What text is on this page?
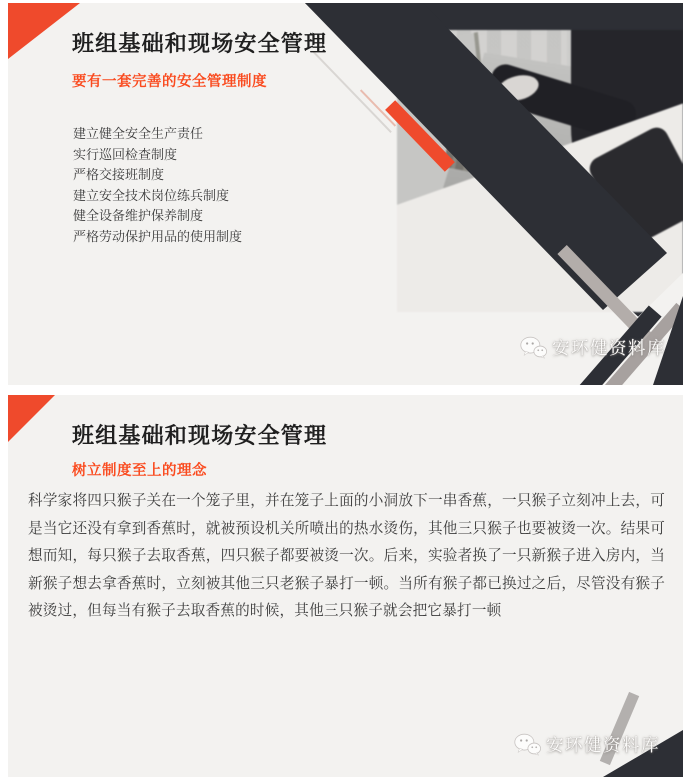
班组基础和现场安全管理
要有一套完善的安全管理制度
建立健全安全生产责任
实行巡回检查制度
严格交接班制度
建立安全技术岗位练兵制度
健全设备维护保养制度
严格劳动保护用品的使用制度
安环健资料库
班组基础和现场安全管理
树立制度至上的理念

科学家将四只猴子关在一个笼子里，并在笼子上面的小洞放下一串香蕉，一只猴子立刻冲上去，可是当它还没有拿到香蕉时，就被预设机关所喷出的热水烫伤，其他三只猴子也要被烫一次。结果可想而知，每只猴子去取香蕉，四只猴子都要被烫一次。后来，实验者换了一只新猴子进入房内，当新猴子想去拿香蕉时，立刻被其他三只老猴子暴打一顿。当所有猴子都已换过之后，尽管没有猴子被烫过，但每当有猴子去取香蕉的时候，其他三只猴子就会把它暴打一顿

安环健资料库
